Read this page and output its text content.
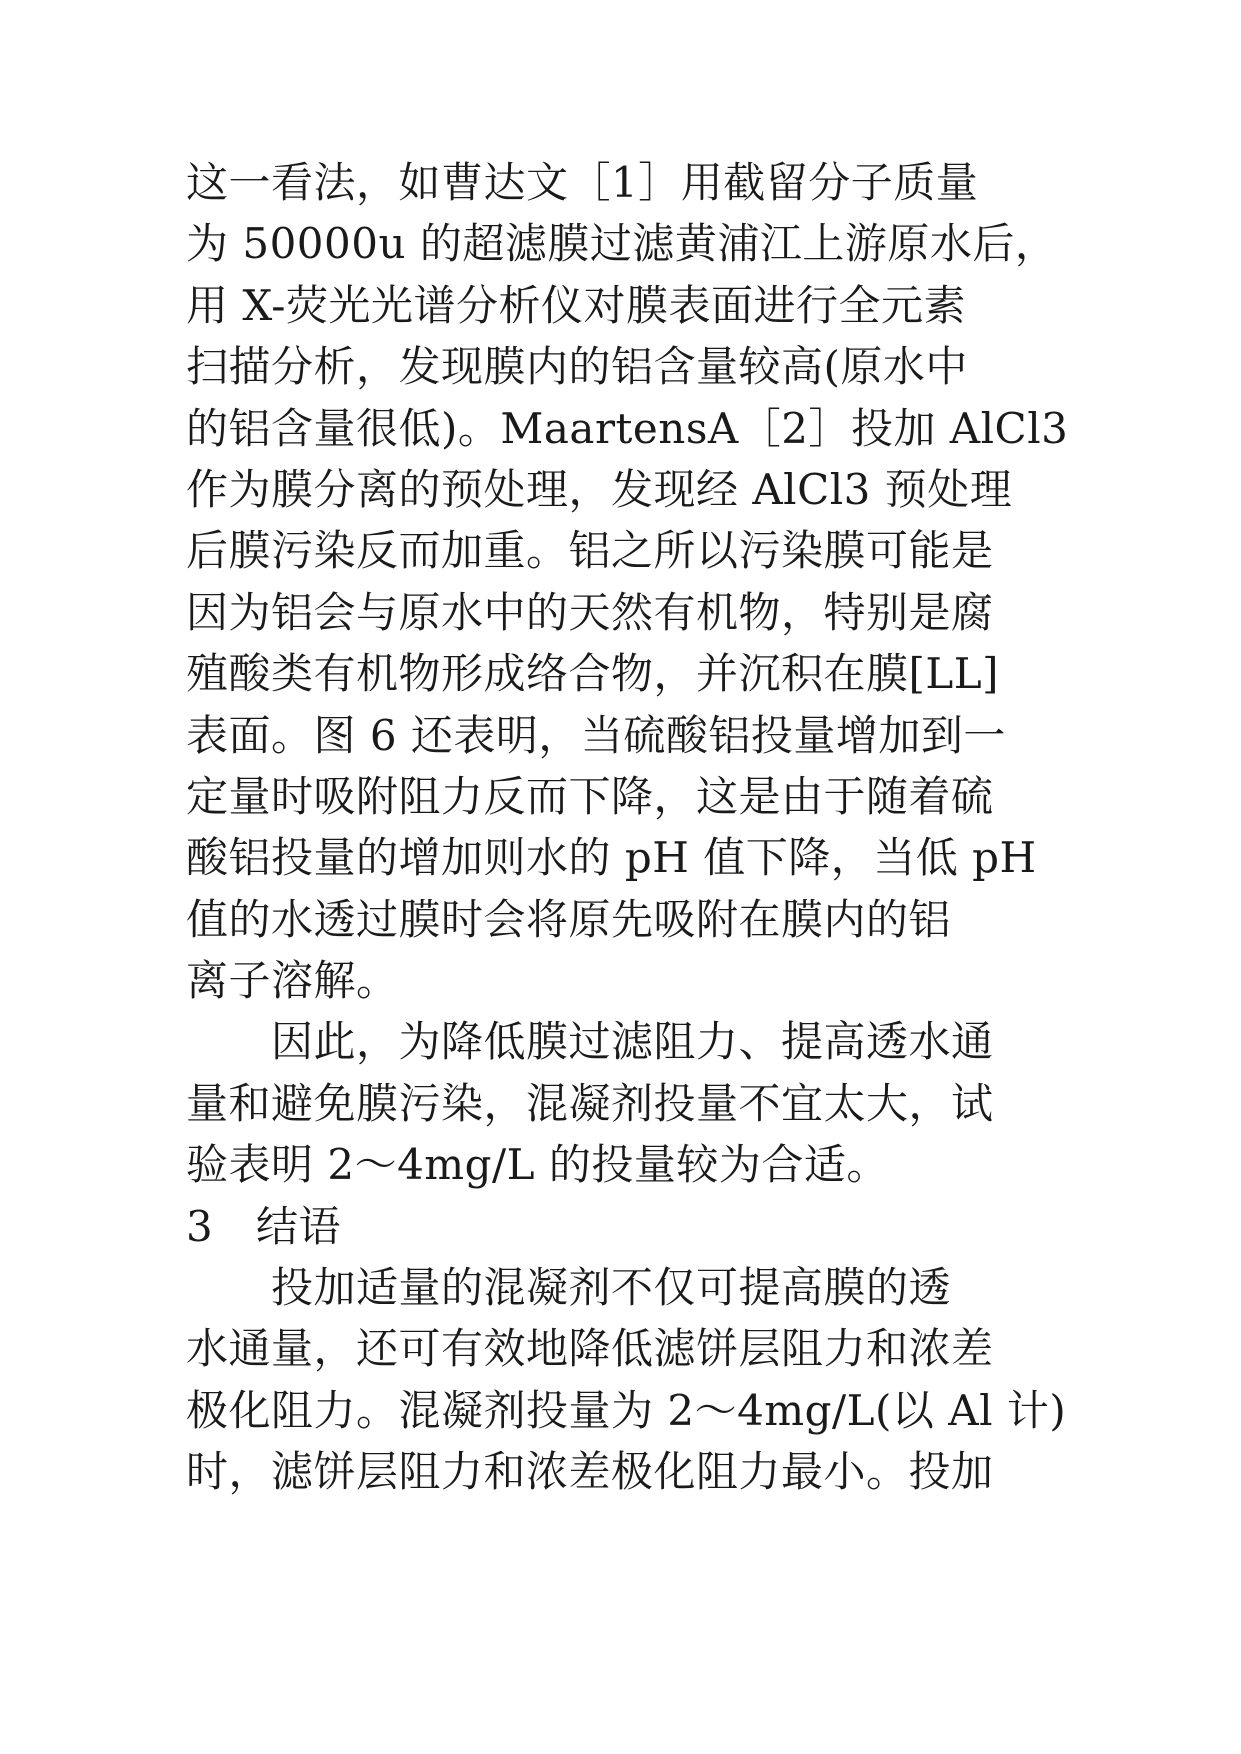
这一看法，如曹达文［1］用截留分子质量
为 50000u 的超滤膜过滤黄浦江上游原水后，
用 X-荧光光谱分析仪对膜表面进行全元素
扫描分析，发现膜内的铝含量较高(原水中
的铝含量很低)。MaartensA［2］投加 AlCl3
作为膜分离的预处理，发现经 AlCl3 预处理
后膜污染反而加重。铝之所以污染膜可能是
因为铝会与原水中的天然有机物，特别是腐
殖酸类有机物形成络合物，并沉积在膜[LL]
表面。图 6 还表明，当硫酸铝投量增加到一
定量时吸附阻力反而下降，这是由于随着硫
酸铝投量的增加则水的 pH 值下降，当低 pH
值的水透过膜时会将原先吸附在膜内的铝
离子溶解。
　　因此，为降低膜过滤阻力、提高透水通
量和避免膜污染，混凝剂投量不宜太大，试
验表明 2～4mg/L 的投量较为合适。
3 结语
　　投加适量的混凝剂不仅可提高膜的透
水通量，还可有效地降低滤饼层阻力和浓差
极化阻力。混凝剂投量为 2～4mg/L(以 Al 计)
时，滤饼层阻力和浓差极化阻力最小。投加
